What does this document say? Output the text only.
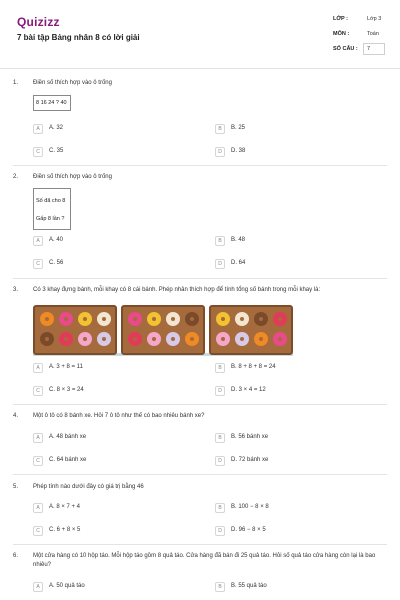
Quizizz
7 bài tập Bảng nhân 8 có lời giải
LỚP :	Lớp 3
MÔN :	Toán
SỐ CÂU : 7
1. Điền số thích hợp vào ô trống
8 16 24 ? 40
A	A. 32	B	B. 25
C	C. 35	D	D. 38
2. Điền số thích hợp vào ô trống
Số đã cho 8
Gấp 8 lần ?
A	A. 40	B	B. 48
C	C. 56	D	D. 64
3. Có 3 khay đựng bánh, mỗi khay có 8 cái bánh. Phép nhân thích hợp để tính tổng số bánh trong mỗi khay là:
A	A. 3 + 8 = 11	B	B. 8 + 8 + 8 = 24
C	C. 8 × 3 = 24	D	D. 3 × 4 = 12
4. Một ô tô có 8 bánh xe. Hỏi 7 ô tô như thế có bao nhiêu bánh xe?
A	A. 48 bánh xe	B	B. 56 bánh xe
C	C. 64 bánh xe	D	D. 72 bánh xe
5. Phép tính nào dưới đây có giá trị bằng 46
A	A. 8 × 7 + 4	B	B. 100 − 8 × 8
C	C. 6 + 8 × 5	D	D. 96 − 8 × 5
6. Một cửa hàng có 10 hộp táo. Mỗi hộp táo gồm 8 quả táo. Cửa hàng đã bán đi 25 quả táo. Hỏi số quả táo cửa hàng còn lại là bao nhiêu?
A	A. 50 quả táo	B	B. 55 quả táo
